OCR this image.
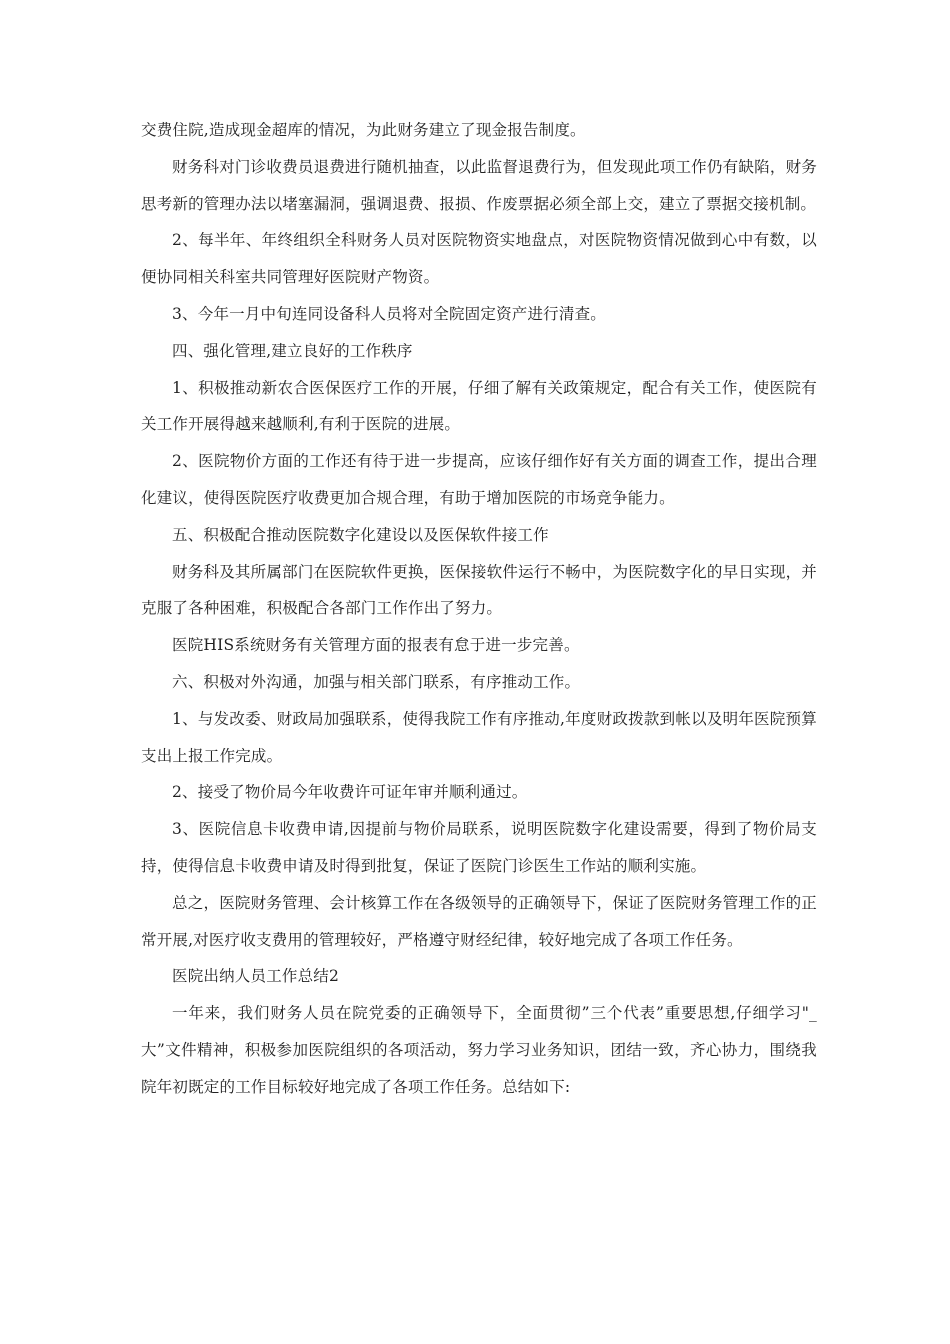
交费住院,造成现金超库的情况，为此财务建立了现金报告制度。

财务科对门诊收费员退费进行随机抽查，以此监督退费行为，但发现此项工作仍有缺陷，财务思考新的管理办法以堵塞漏洞，强调退费、报损、作废票据必须全部上交，建立了票据交接机制。

2、每半年、年终组织全科财务人员对医院物资实地盘点，对医院物资情况做到心中有数，以便协同相关科室共同管理好医院财产物资。

3、今年一月中旬连同设备科人员将对全院固定资产进行清查。

四、强化管理,建立良好的工作秩序

1、积极推动新农合医保医疗工作的开展，仔细了解有关政策规定，配合有关工作，使医院有关工作开展得越来越顺利,有利于医院的进展。

2、医院物价方面的工作还有待于进一步提高，应该仔细作好有关方面的调查工作，提出合理化建议，使得医院医疗收费更加合规合理，有助于增加医院的市场竞争能力。

五、积极配合推动医院数字化建设以及医保软件接工作

财务科及其所属部门在医院软件更换，医保接软件运行不畅中，为医院数字化的早日实现，并克服了各种困难，积极配合各部门工作作出了努力。

医院HIS系统财务有关管理方面的报表有怠于进一步完善。

六、积极对外沟通，加强与相关部门联系，有序推动工作。

1、与发改委、财政局加强联系，使得我院工作有序推动,年度财政拨款到帐以及明年医院预算支出上报工作完成。

2、接受了物价局今年收费许可证年审并顺利通过。

3、医院信息卡收费申请,因提前与物价局联系，说明医院数字化建设需要，得到了物价局支持，使得信息卡收费申请及时得到批复，保证了医院门诊医生工作站的顺利实施。

总之，医院财务管理、会计核算工作在各级领导的正确领导下，保证了医院财务管理工作的正常开展,对医疗收支费用的管理较好，严格遵守财经纪律，较好地完成了各项工作任务。

医院出纳人员工作总结2

一年来，我们财务人员在院党委的正确领导下，全面贯彻”三个代表”重要思想,仔细学习"_大”文件精神，积极参加医院组织的各项活动，努力学习业务知识，团结一致，齐心协力，围绕我院年初既定的工作目标较好地完成了各项工作任务。总结如下:
